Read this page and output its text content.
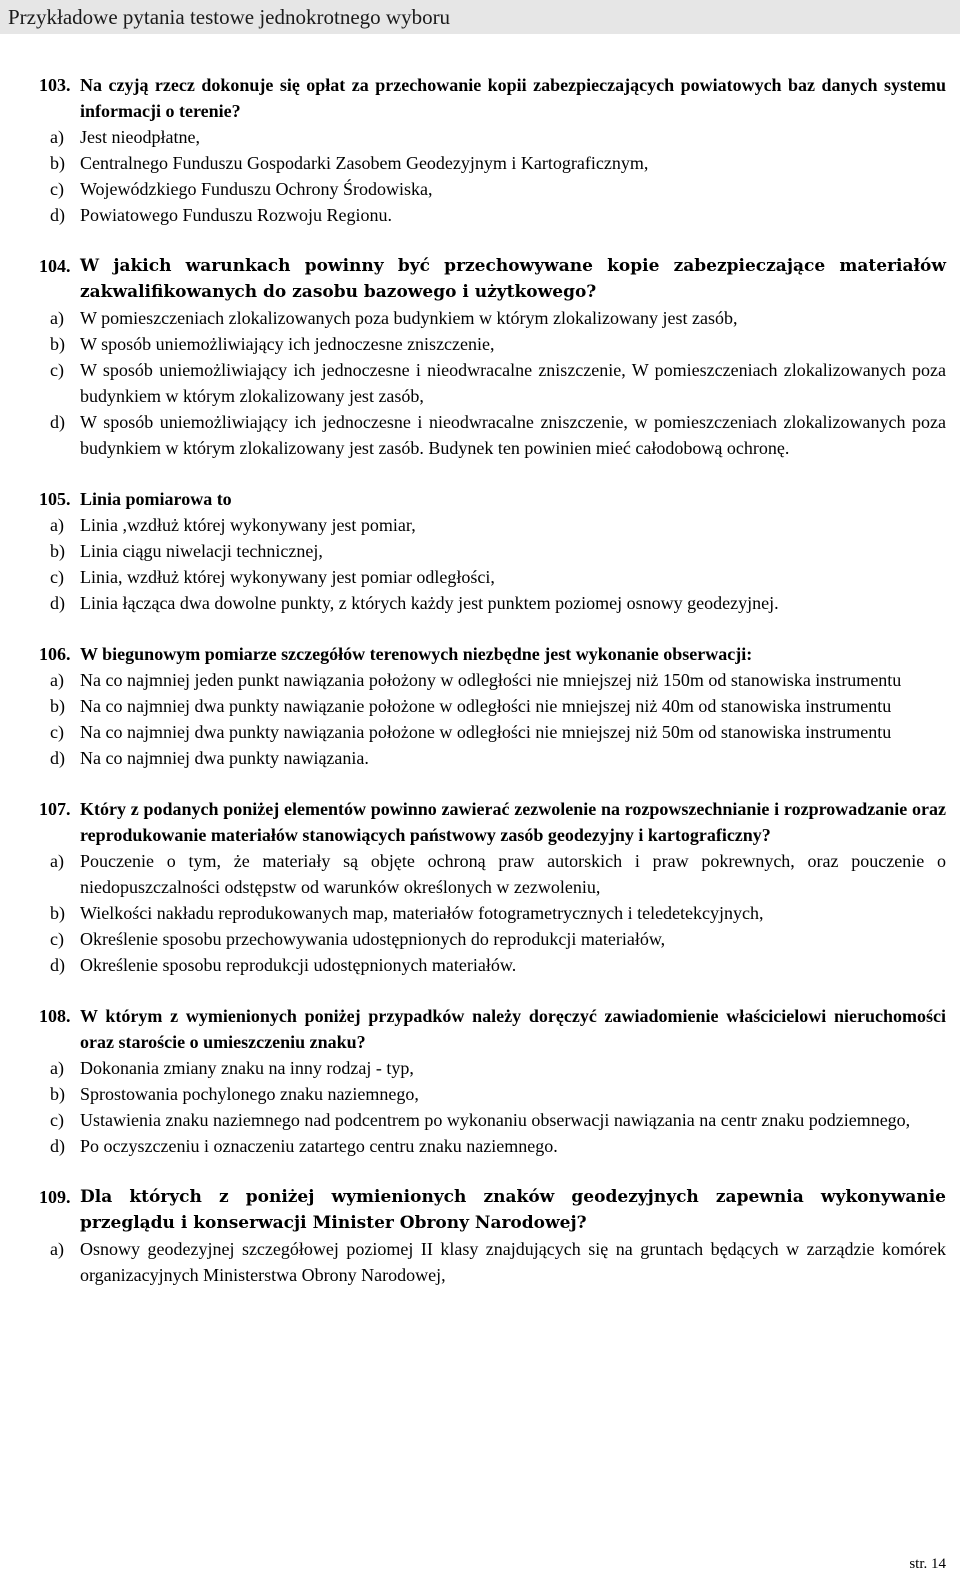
Przykładowe pytania testowe jednokrotnego wyboru
103. Na czyją rzecz dokonuje się opłat za przechowanie kopii zabezpieczających powiatowych baz danych systemu informacji o terenie?
a) Jest nieodpłatne,
b) Centralnego Funduszu Gospodarki Zasobem Geodezyjnym i Kartograficznym,
c) Wojewódzkiego Funduszu Ochrony Środowiska,
d) Powiatowego Funduszu Rozwoju Regionu.
104. W jakich warunkach powinny być przechowywane kopie zabezpieczające materiałów zakwalifikowanych do zasobu bazowego i użytkowego?
a) W pomieszczeniach zlokalizowanych poza budynkiem w którym zlokalizowany jest zasób,
b) W sposób uniemożliwiający ich jednoczesne zniszczenie,
c) W sposób uniemożliwiający ich jednoczesne i nieodwracalne zniszczenie, W pomieszczeniach zlokalizowanych poza budynkiem w którym zlokalizowany jest zasób,
d) W sposób uniemożliwiający ich jednoczesne i nieodwracalne zniszczenie, w pomieszczeniach zlokalizowanych poza budynkiem w którym zlokalizowany jest zasób. Budynek ten powinien mieć całodobową ochronę.
105. Linia pomiarowa to
a) Linia ,wzdłuż której wykonywany jest pomiar,
b) Linia ciągu niwelacji technicznej,
c) Linia, wzdłuż której wykonywany jest pomiar odległości,
d) Linia łącząca dwa dowolne punkty, z których każdy jest punktem poziomej osnowy geodezyjnej.
106. W biegunowym pomiarze szczegółów terenowych niezbędne jest wykonanie obserwacji:
a) Na co najmniej jeden punkt nawiązania położony w odległości nie mniejszej niż 150m od stanowiska instrumentu
b) Na co najmniej dwa punkty nawiązanie położone w odległości nie mniejszej niż 40m od stanowiska instrumentu
c) Na co najmniej dwa punkty nawiązania położone w odległości nie mniejszej niż 50m od stanowiska instrumentu
d) Na co najmniej dwa punkty nawiązania.
107. Który z podanych poniżej elementów powinno zawierać zezwolenie na rozpowszechnianie i rozprowadzanie oraz reprodukowanie materiałów stanowiących państwowy zasób geodezyjny i kartograficzny?
a) Pouczenie o tym, że materiały są objęte ochroną praw autorskich i praw pokrewnych, oraz pouczenie o niedopuszczalności odstępstw od warunków określonych w zezwoleniu,
b) Wielkości nakładu reprodukowanych map, materiałów fotogrametrycznych i teledetekcyjnych,
c) Określenie sposobu przechowywania udostępnionych do reprodukcji materiałów,
d) Określenie sposobu reprodukcji udostępnionych materiałów.
108. W którym z wymienionych poniżej przypadków należy doręczyć zawiadomienie właścicielowi nieruchomości oraz staroście o umieszczeniu znaku?
a) Dokonania zmiany znaku na inny rodzaj - typ,
b) Sprostowania pochylonego znaku naziemnego,
c) Ustawienia znaku naziemnego nad podcentrem po wykonaniu obserwacji nawiązania na centr znaku podziemnego,
d) Po oczyszczeniu i oznaczeniu zatartego centru znaku naziemnego.
109. Dla których z poniżej wymienionych znaków geodezyjnych zapewnia wykonywanie przeglądu i konserwacji Minister Obrony Narodowej?
a) Osnowy geodezyjnej szczegółowej poziomej II klasy znajdujących się na gruntach będących w zarządzie komórek organizacyjnych Ministerstwa Obrony Narodowej,
str. 14
